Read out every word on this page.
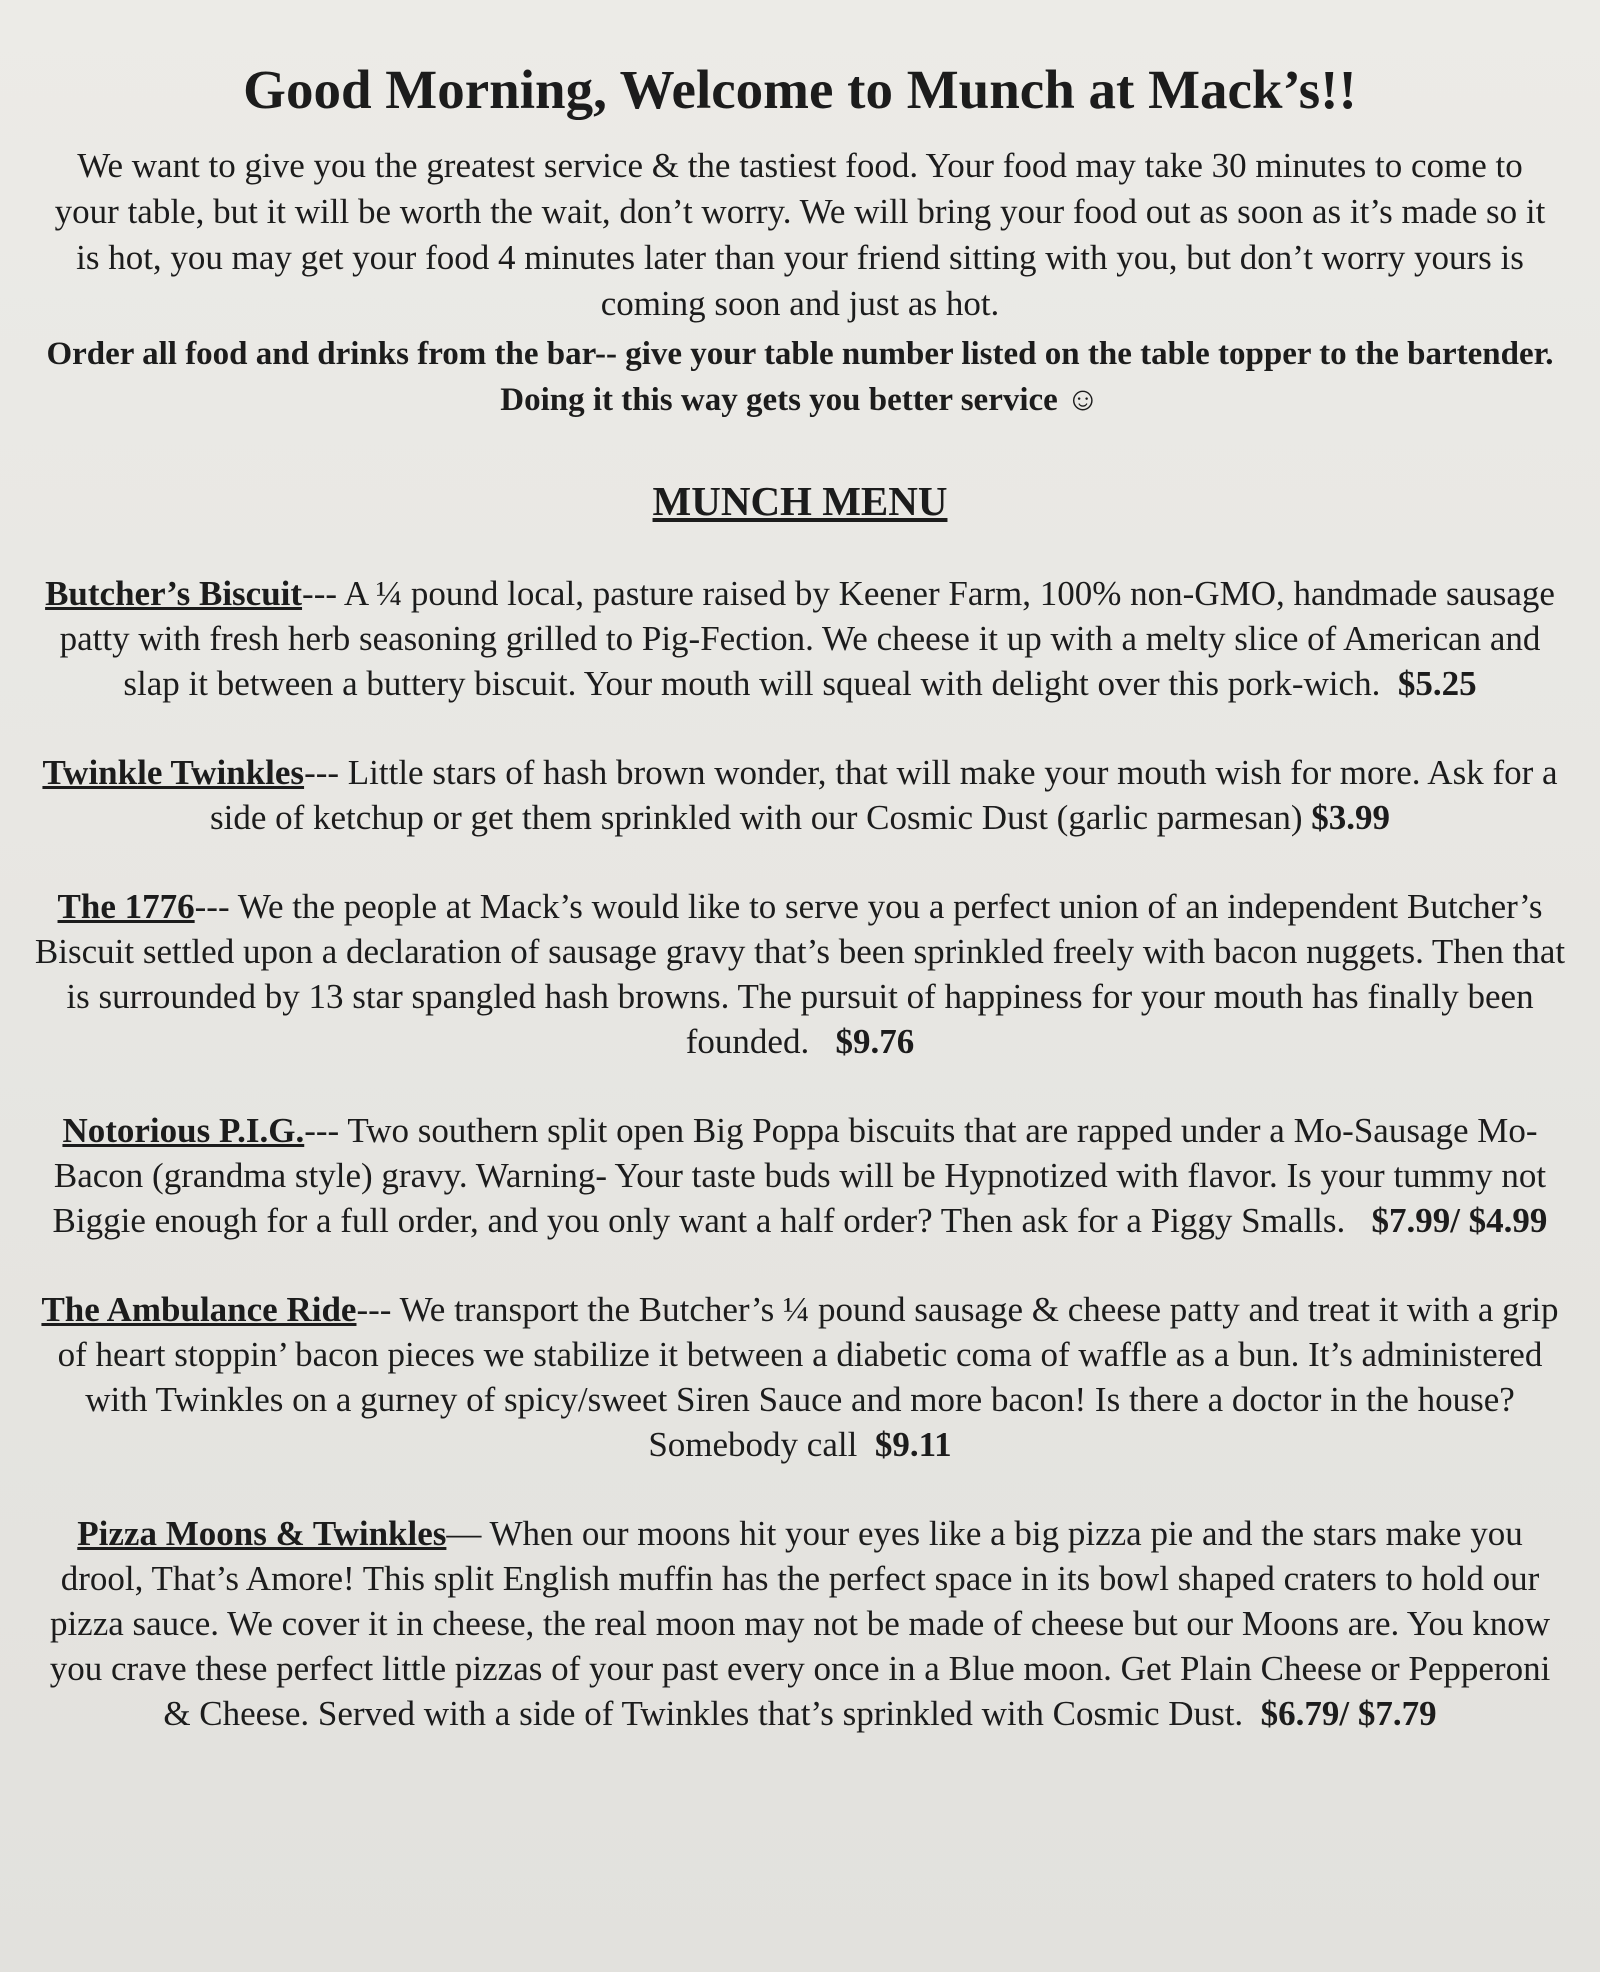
Good Morning, Welcome to Munch at Mack’s!!
We want to give you the greatest service & the tastiest food. Your food may take 30 minutes to come to your table, but it will be worth the wait, don’t worry. We will bring your food out as soon as it’s made so it is hot, you may get your food 4 minutes later than your friend sitting with you, but don’t worry yours is coming soon and just as hot.
Order all food and drinks from the bar-- give your table number listed on the table topper to the bartender. Doing it this way gets you better service ☺
MUNCH MENU
Butcher’s Biscuit--- A ¼ pound local, pasture raised by Keener Farm, 100% non-GMO, handmade sausage patty with fresh herb seasoning grilled to Pig-Fection. We cheese it up with a melty slice of American and slap it between a buttery biscuit. Your mouth will squeal with delight over this pork-wich. $5.25
Twinkle Twinkles--- Little stars of hash brown wonder, that will make your mouth wish for more. Ask for a side of ketchup or get them sprinkled with our Cosmic Dust (garlic parmesan) $3.99
The 1776--- We the people at Mack’s would like to serve you a perfect union of an independent Butcher’s Biscuit settled upon a declaration of sausage gravy that’s been sprinkled freely with bacon nuggets. Then that is surrounded by 13 star spangled hash browns. The pursuit of happiness for your mouth has finally been founded. $9.76
Notorious P.I.G.--- Two southern split open Big Poppa biscuits that are rapped under a Mo-Sausage Mo- Bacon (grandma style) gravy. Warning- Your taste buds will be Hypnotized with flavor. Is your tummy not Biggie enough for a full order, and you only want a half order? Then ask for a Piggy Smalls. $7.99/ $4.99
The Ambulance Ride--- We transport the Butcher’s ¼ pound sausage & cheese patty and treat it with a grip of heart stoppin’ bacon pieces we stabilize it between a diabetic coma of waffle as a bun. It’s administered with Twinkles on a gurney of spicy/sweet Siren Sauce and more bacon! Is there a doctor in the house? Somebody call $9.11
Pizza Moons & Twinkles— When our moons hit your eyes like a big pizza pie and the stars make you drool, That’s Amore! This split English muffin has the perfect space in its bowl shaped craters to hold our pizza sauce. We cover it in cheese, the real moon may not be made of cheese but our Moons are. You know you crave these perfect little pizzas of your past every once in a Blue moon. Get Plain Cheese or Pepperoni & Cheese. Served with a side of Twinkles that’s sprinkled with Cosmic Dust. $6.79/ $7.79
